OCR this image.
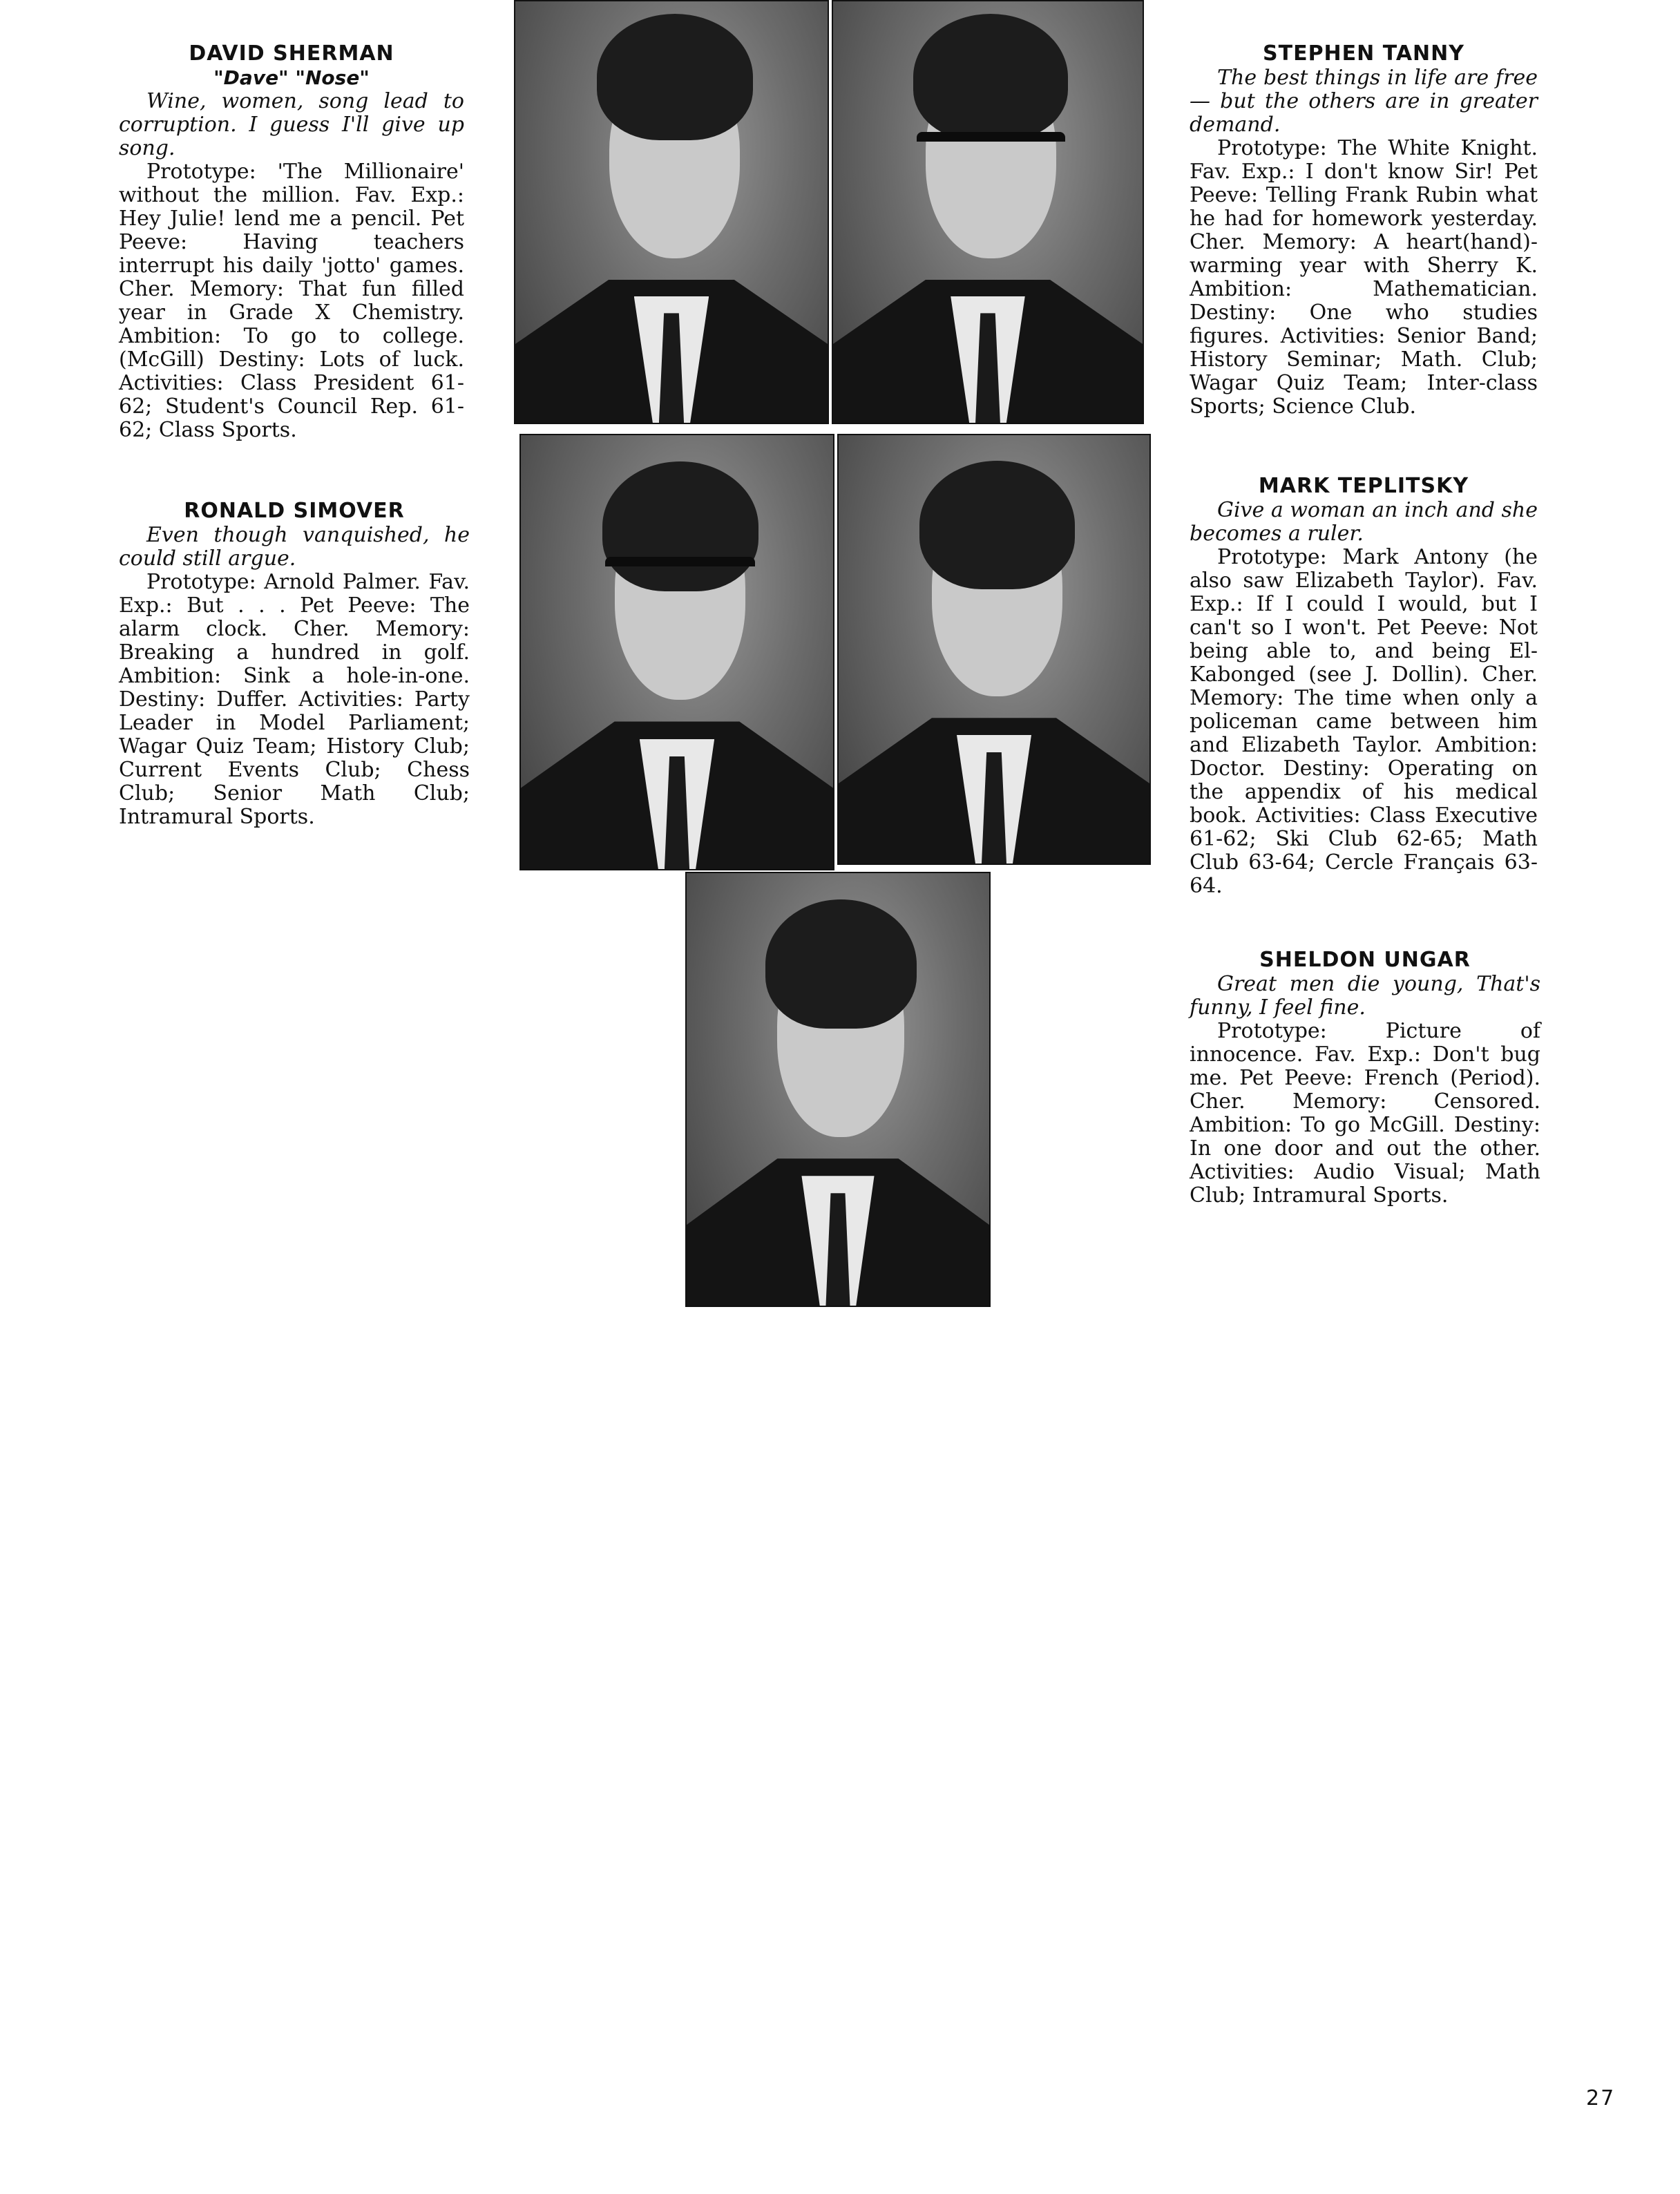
DAVID SHERMAN
"Dave" "Nose"

Wine, women, song lead to corruption. I guess I'll give up song.

Prototype: 'The Millionaire' without the million. Fav. Exp.: Hey Julie! lend me a pencil. Pet Peeve: Having teachers interrupt his daily 'jotto' games. Cher. Memory: That fun filled year in Grade X Chemistry. Ambition: To go to college. (McGill) Destiny: Lots of luck. Activities: Class President 61-62; Student's Council Rep. 61-62; Class Sports.

RONALD SIMOVER

Even though vanquished, he could still argue.

Prototype: Arnold Palmer. Fav. Exp.: But . . . Pet Peeve: The alarm clock. Cher. Memory: Breaking a hundred in golf. Ambition: Sink a hole-in-one. Destiny: Duffer. Activities: Party Leader in Model Parliament; Wagar Quiz Team; History Club; Current Events Club; Chess Club; Senior Math Club; Intramural Sports.

STEPHEN TANNY

The best things in life are free — but the others are in greater demand.

Prototype: The White Knight. Fav. Exp.: I don't know Sir! Pet Peeve: Telling Frank Rubin what he had for homework yesterday. Cher. Memory: A heart(hand)-warming year with Sherry K. Ambition: Mathematician. Destiny: One who studies figures. Activities: Senior Band; History Seminar; Math. Club; Wagar Quiz Team; Inter-class Sports; Science Club.

MARK TEPLITSKY

Give a woman an inch and she becomes a ruler.

Prototype: Mark Antony (he also saw Elizabeth Taylor). Fav. Exp.: If I could I would, but I can't so I won't. Pet Peeve: Not being able to, and being El-Kabonged (see J. Dollin). Cher. Memory: The time when only a policeman came between him and Elizabeth Taylor. Ambition: Doctor. Destiny: Operating on the appendix of his medical book. Activities: Class Executive 61-62; Ski Club 62-65; Math Club 63-64; Cercle Français 63-64.

SHELDON UNGAR

Great men die young, That's funny, I feel fine.

Prototype: Picture of innocence. Fav. Exp.: Don't bug me. Pet Peeve: French (Period). Cher. Memory: Censored. Ambition: To go McGill. Destiny: In one door and out the other. Activities: Audio Visual; Math Club; Intramural Sports.

27
